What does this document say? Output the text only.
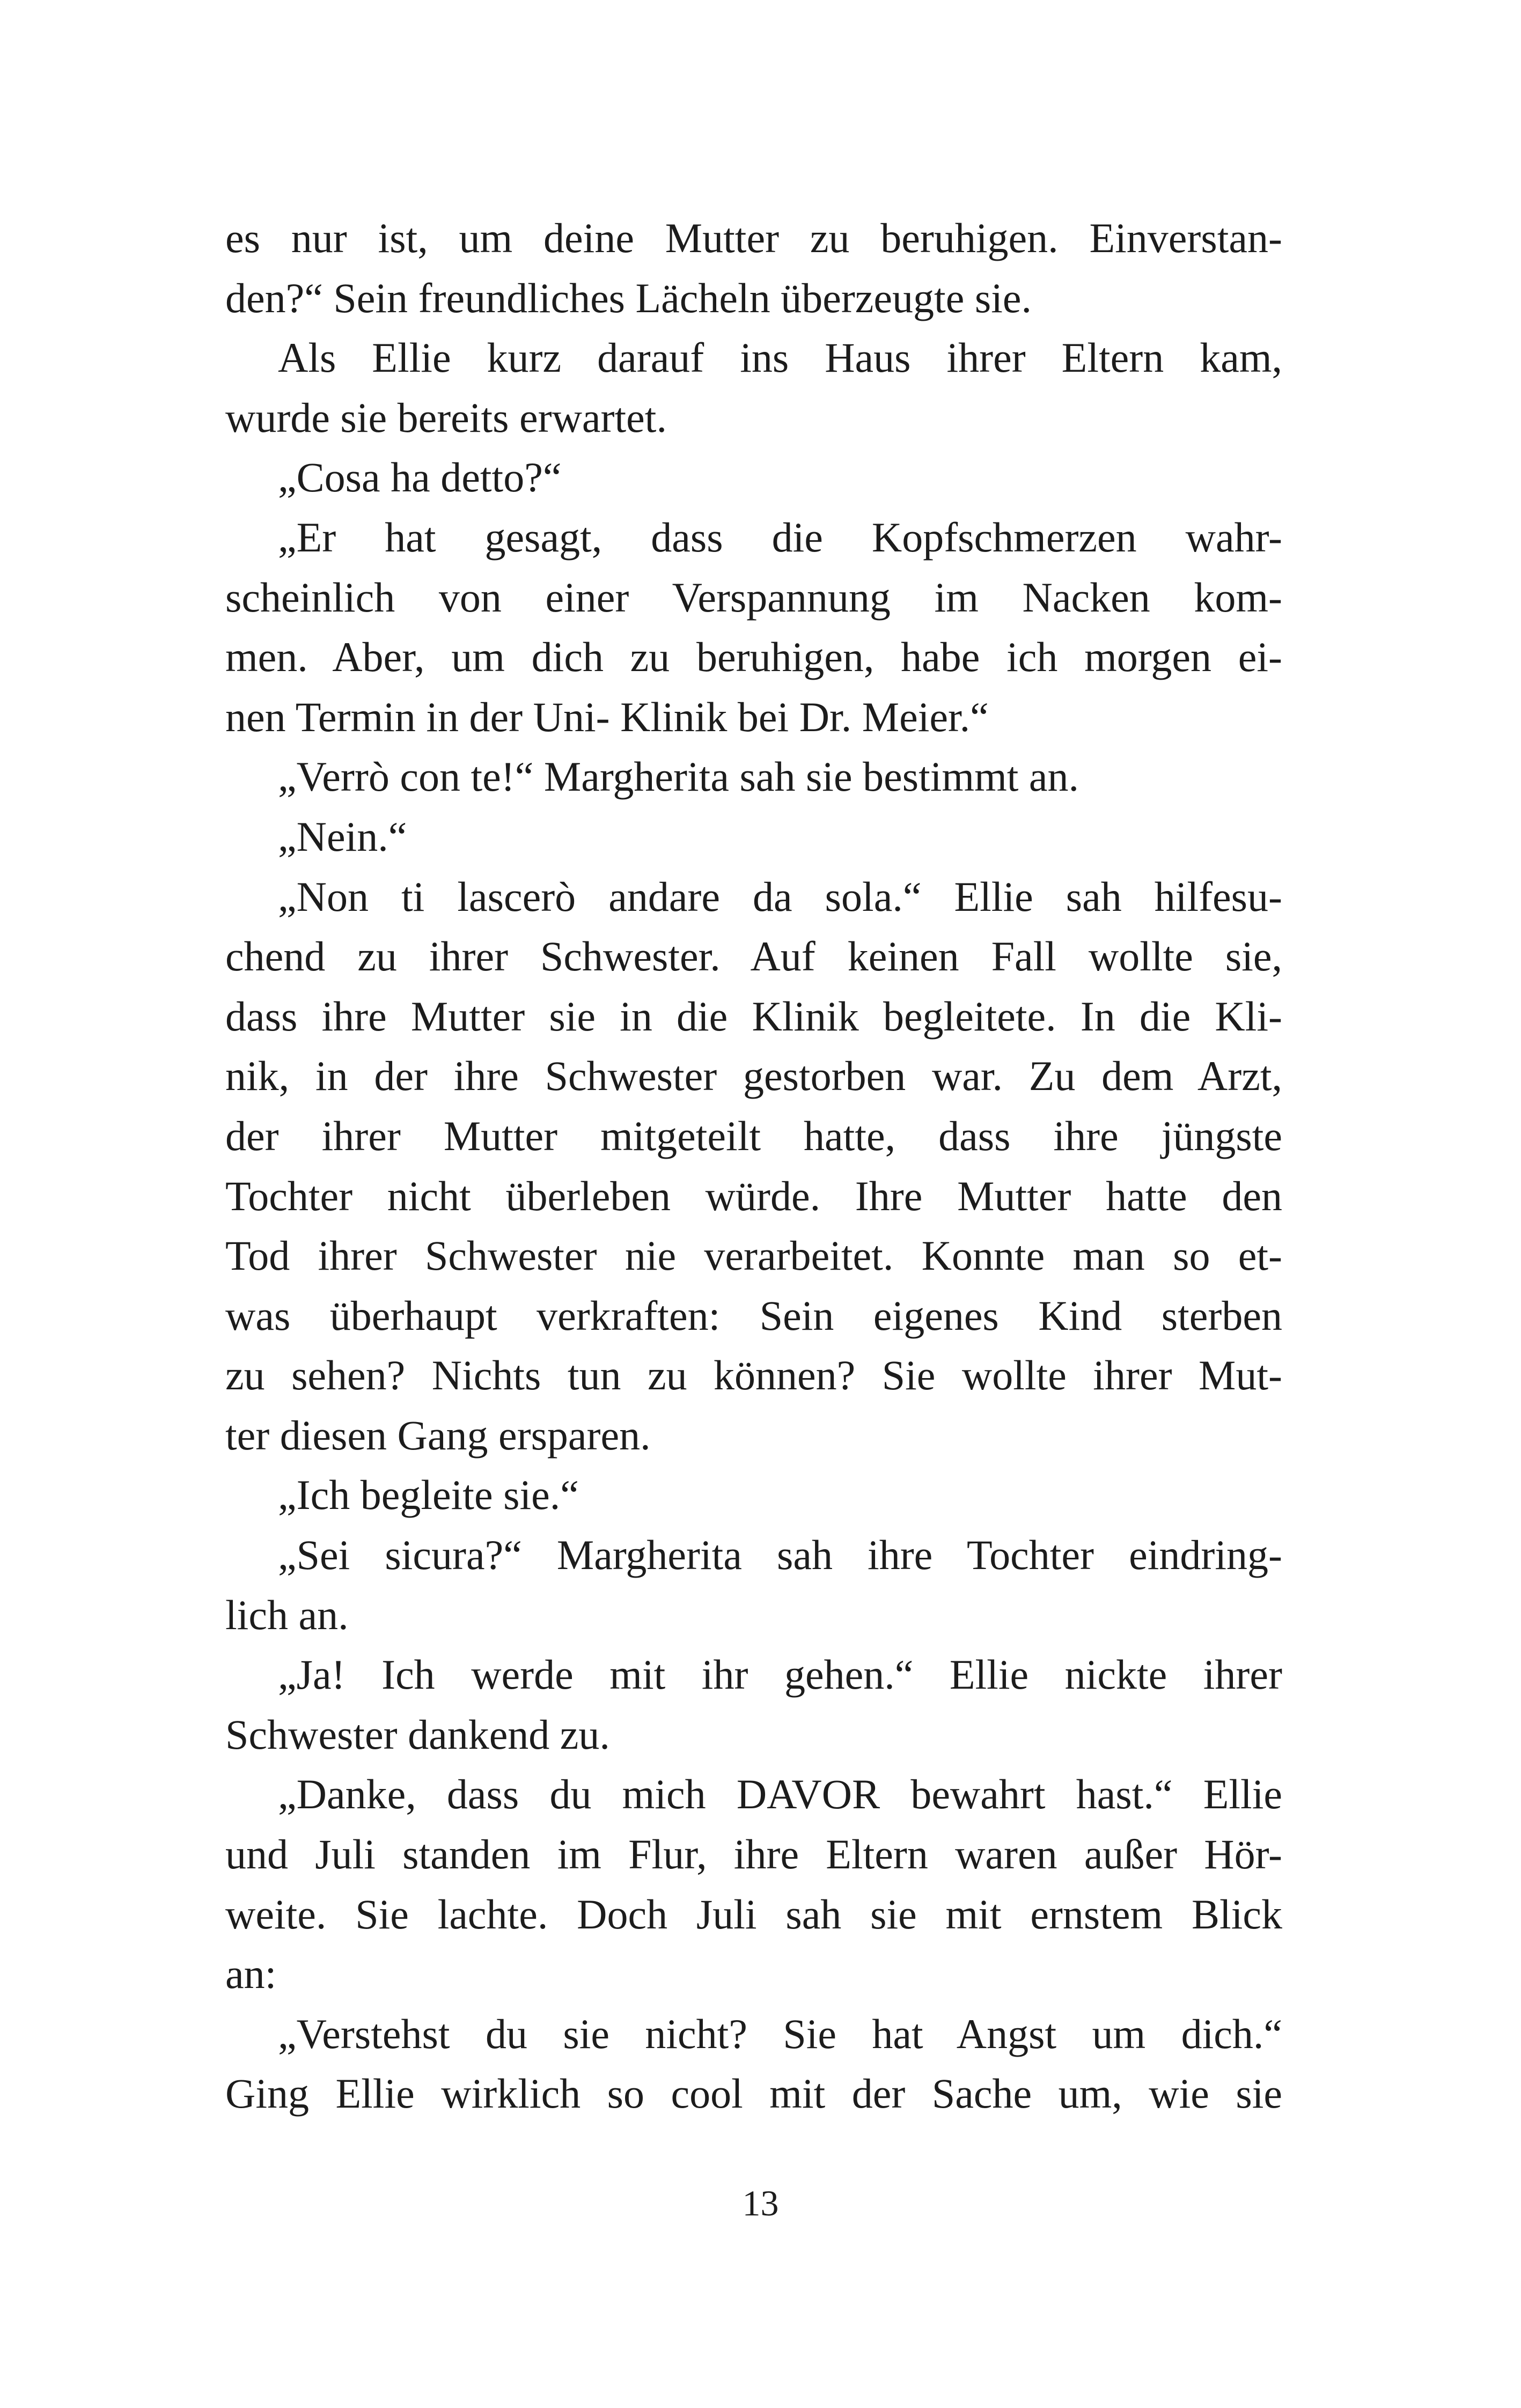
es nur ist, um deine Mutter zu beruhigen. Einverstan-
den?“ Sein freundliches Lächeln überzeugte sie.
Als Ellie kurz darauf ins Haus ihrer Eltern kam,
wurde sie bereits erwartet.
„Cosa ha detto?“
„Er hat gesagt, dass die Kopfschmerzen wahr-
scheinlich von einer Verspannung im Nacken kom-
men. Aber, um dich zu beruhigen, habe ich morgen ei-
nen Termin in der Uni- Klinik bei Dr. Meier.“
„Verrò con te!“ Margherita sah sie bestimmt an.
„Nein.“
„Non ti lascerò andare da sola.“ Ellie sah hilfesu-
chend zu ihrer Schwester. Auf keinen Fall wollte sie,
dass ihre Mutter sie in die Klinik begleitete. In die Kli-
nik, in der ihre Schwester gestorben war. Zu dem Arzt,
der ihrer Mutter mitgeteilt hatte, dass ihre jüngste
Tochter nicht überleben würde. Ihre Mutter hatte den
Tod ihrer Schwester nie verarbeitet. Konnte man so et-
was überhaupt verkraften: Sein eigenes Kind sterben
zu sehen? Nichts tun zu können? Sie wollte ihrer Mut-
ter diesen Gang ersparen.
„Ich begleite sie.“
„Sei sicura?“ Margherita sah ihre Tochter eindring-
lich an.
„Ja! Ich werde mit ihr gehen.“ Ellie nickte ihrer
Schwester dankend zu.
„Danke, dass du mich DAVOR bewahrt hast.“ Ellie
und Juli standen im Flur, ihre Eltern waren außer Hör-
weite. Sie lachte. Doch Juli sah sie mit ernstem Blick
an:
„Verstehst du sie nicht? Sie hat Angst um dich.“
Ging Ellie wirklich so cool mit der Sache um, wie sie
13
